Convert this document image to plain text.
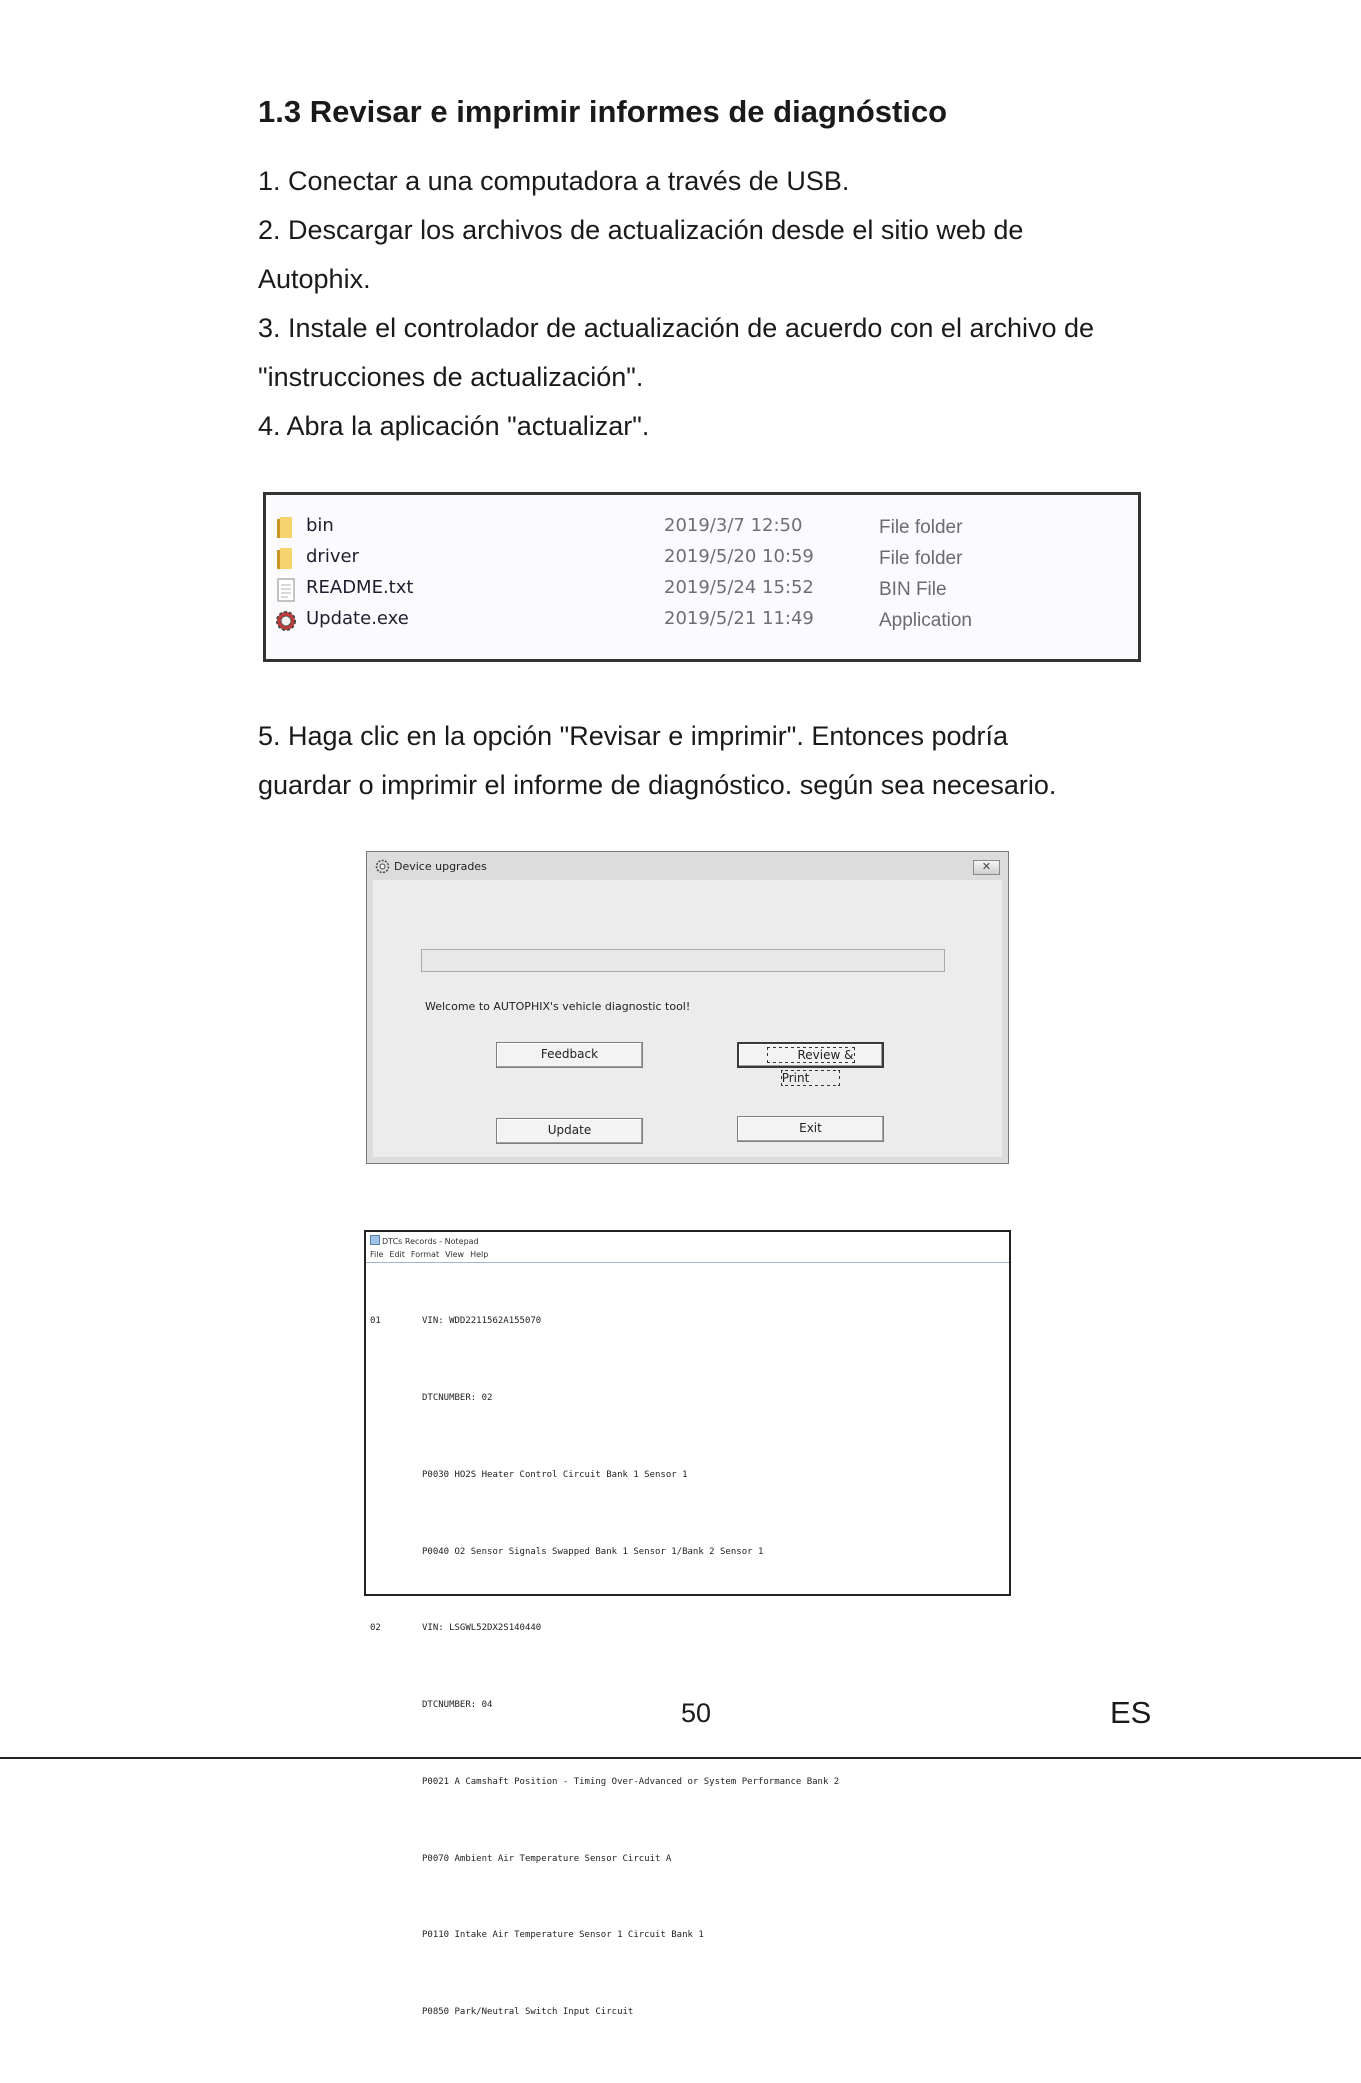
1.3 Revisar e imprimir informes de diagnóstico
1. Conectar a una computadora a través de USB.
2. Descargar los archivos de actualización desde el sitio web de
Autophix.
3. Instale el controlador de actualización de acuerdo con el archivo de
"instrucciones de actualización".
4. Abra la aplicación "actualizar".
bin	2019/3/7 12:50	File folder
driver	2019/5/20 10:59	File folder
README.txt	2019/5/24 15:52	BIN File
Update.exe	2019/5/21 11:49	Application
5. Haga clic en la opción "Revisar e imprimir". Entonces podría
guardar o imprimir el informe de diagnóstico. según sea necesario.
Device upgrades	✕
Welcome to AUTOPHIX's vehicle diagnostic tool!
Feedback	Review & Print
Update	Exit
DTCs Records - Notepad
File Edit Format View Help

01	VIN: WDD2211562A155070

DTCNUMBER: 02

P0030 HO2S Heater Control Circuit Bank 1 Sensor 1

P0040 O2 Sensor Signals Swapped Bank 1 Sensor 1/Bank 2 Sensor 1

02	VIN: LSGWL52DX2S140440

DTCNUMBER: 04

P0021 A Camshaft Position - Timing Over-Advanced or System Performance Bank 2

P0070 Ambient Air Temperature Sensor Circuit A

P0110 Intake Air Temperature Sensor 1 Circuit Bank 1

P0850 Park/Neutral Switch Input Circuit

50	ES
